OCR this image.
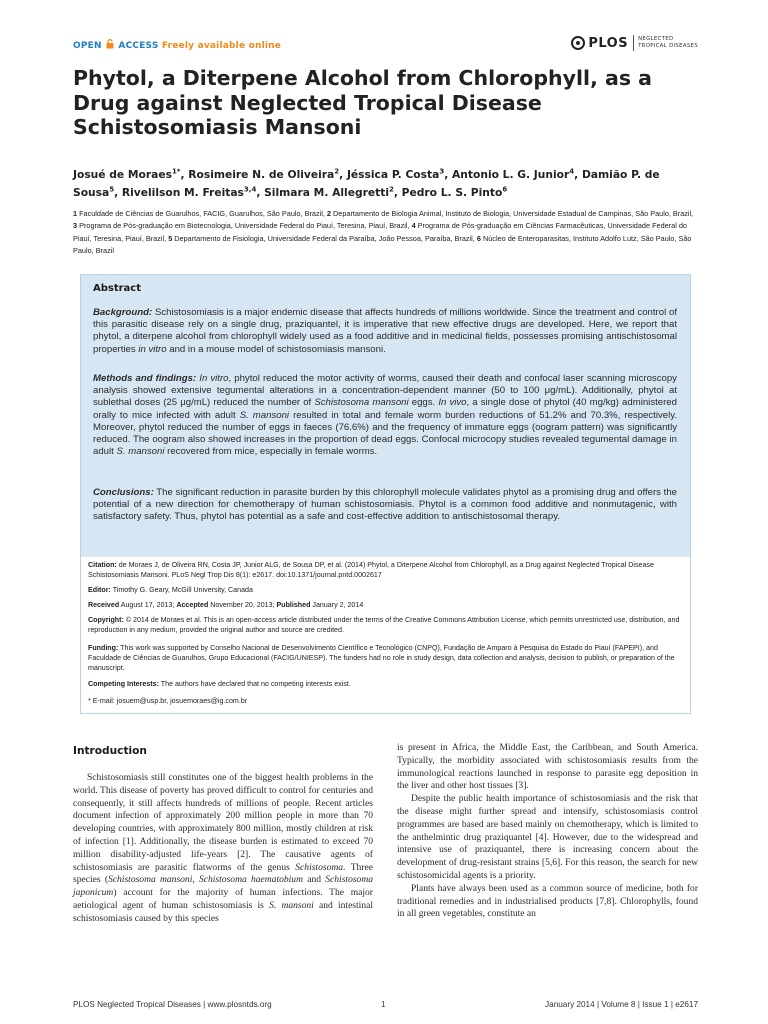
OPEN ACCESS Freely available online	PLOS NEGLECTED
TROPICAL DISEASES
Phytol, a Diterpene Alcohol from Chlorophyll, as a Drug against Neglected Tropical Disease Schistosomiasis Mansoni

Josué de Moraes$^{1*}$, Rosimeire N. de Oliveira$^2$, Jéssica P. Costa$^3$, Antonio L. G. Junior$^4$, Damião P. de Sousa$^5$, Rivelilson M. Freitas$^{3,4}$, Silmara M. Allegretti$^2$, Pedro L. S. Pinto$^6$

1 Faculdade de Ciências de Guarulhos, FACIG, Guarulhos, São Paulo, Brazil, 2 Departamento de Biologia Animal, Instituto de Biologia, Universidade Estadual de Campinas, São Paulo, Brazil, 3 Programa de Pós-graduação em Biotecnologia, Universidade Federal do Piauí, Teresina, Piauí, Brazil, 4 Programa de Pós-graduação em Ciências Farmacêuticas, Universidade Federal do Piauí, Teresina, Piauí, Brazil, 5 Departamento de Fisiologia, Universidade Federal da Paraíba, João Pessoa, Paraíba, Brazil, 6 Núcleo de Enteroparasitas, Instituto Adolfo Lutz, São Paulo, São Paulo, Brazil

Abstract

Background: Schistosomiasis is a major endemic disease that affects hundreds of millions worldwide. Since the treatment and control of this parasitic disease rely on a single drug, praziquantel, it is imperative that new effective drugs are developed. Here, we report that phytol, a diterpene alcohol from chlorophyll widely used as a food additive and in medicinal fields, possesses promising antischistosomal properties in vitro and in a mouse model of schistosomiasis mansoni.

Methods and findings: In vitro, phytol reduced the motor activity of worms, caused their death and confocal laser scanning microscopy analysis showed extensive tegumental alterations in a concentration-dependent manner (50 to 100 μg/mL). Additionally, phytol at sublethal doses (25 μg/mL) reduced the number of Schistosoma mansoni eggs. In vivo, a single dose of phytol (40 mg/kg) administered orally to mice infected with adult S. mansoni resulted in total and female worm burden reductions of 51.2% and 70.3%, respectively. Moreover, phytol reduced the number of eggs in faeces (76.6%) and the frequency of immature eggs (oogram pattern) was significantly reduced. The oogram also showed increases in the proportion of dead eggs. Confocal microcopy studies revealed tegumental damage in adult S. mansoni recovered from mice, especially in female worms.

Conclusions: The significant reduction in parasite burden by this chlorophyll molecule validates phytol as a promising drug and offers the potential of a new direction for chemotherapy of human schistosomiasis. Phytol is a common food additive and nonmutagenic, with satisfactory safety. Thus, phytol has potential as a safe and cost-effective addition to antischistosomal therapy.

Citation: de Moraes J, de Oliveira RN, Costa JP, Junior ALG, de Sousa DP, et al. (2014) Phytol, a Diterpene Alcohol from Chlorophyll, as a Drug against Neglected Tropical Disease Schistosomiasis Mansoni. PLoS Negl Trop Dis 8(1): e2617. doi:10.1371/journal.pntd.0002617

Editor: Timothy G. Geary, McGill University, Canada

Received August 17, 2013; Accepted November 20, 2013; Published January 2, 2014

Copyright: © 2014 de Moraes et al. This is an open-access article distributed under the terms of the Creative Commons Attribution License, which permits unrestricted use, distribution, and reproduction in any medium, provided the original author and source are credited.

Funding: This work was supported by Conselho Nacional de Desenvolvimento Científico e Tecnológico (CNPQ), Fundação de Amparo à Pesquisa do Estado do Piauí (FAPEPI), and Faculdade de Ciências de Guarulhos, Grupo Educacional (FACIG/UNIESP). The funders had no role in study design, data collection and analysis, decision to publish, or preparation of the manuscript.

Competing Interests: The authors have declared that no competing interests exist.

* E-mail: josuem@usp.br, josuemoraes@ig.com.br

Introduction

Schistosomiasis still constitutes one of the biggest health problems in the world. This disease of poverty has proved difficult to control for centuries and consequently, it still affects hundreds of millions of people. Recent articles document infection of approximately 200 million people in more than 70 developing countries, with approximately 800 million, mostly children at risk of infection [1]. Additionally, the disease burden is estimated to exceed 70 million disability-adjusted life-years [2]. The causative agents of schistosomiasis are parasitic flatworms of the genus Schistosoma. Three species (Schistosoma mansoni, Schistosoma haematobium and Schistosoma japonicum) account for the majority of human infections. The major aetiological agent of human schistosomiasis is S. mansoni and intestinal schistosomiasis caused by this species

is present in Africa, the Middle East, the Caribbean, and South America. Typically, the morbidity associated with schistosomiasis results from the immunological reactions launched in response to parasite egg deposition in the liver and other host tissues [3].

Despite the public health importance of schistosomiasis and the risk that the disease might further spread and intensify, schistosomiasis control programmes are based are based mainly on chemotherapy, which is limited to the anthelmintic drug praziquantel [4]. However, due to the widespread and intensive use of praziquantel, there is increasing concern about the development of drug-resistant strains [5,6]. For this reason, the search for new schistosomicidal agents is a priority.

Plants have always been used as a common source of medicine, both for traditional remedies and in industrialised products [7,8]. Chlorophylls, found in all green vegetables, constitute an

PLOS Neglected Tropical Diseases | www.plosntds.org	1	January 2014 | Volume 8 | Issue 1 | e2617
